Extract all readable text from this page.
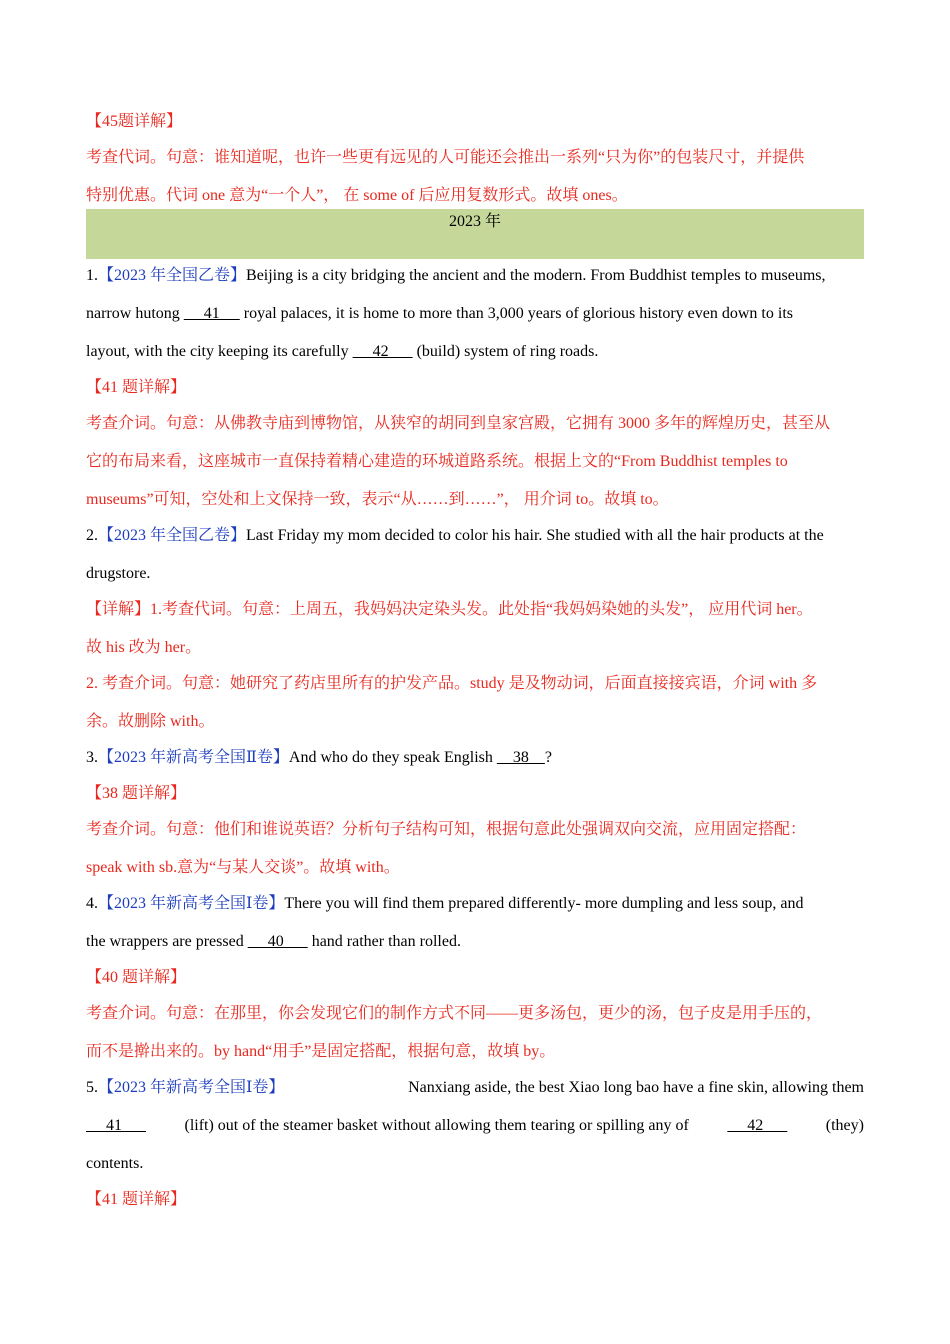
【45题详解】
考查代词。句意：谁知道呢，也许一些更有远见的人可能还会推出一系列“只为你”的包装尺寸，并提供
特别优惠。代词 one 意为“一个人”， 在 some of 后应用复数形式。故填 ones。
2023 年
1.【2023 年全国乙卷】Beijing is a city bridging the ancient and the modern. From Buddhist temples to museums,
narrow hutong      41      royal palaces, it is home to more than 3,000 years of glorious history even down to its
layout, with the city keeping its carefully      42       (build) system of ring roads.
【41 题详解】
考查介词。句意：从佛教寺庙到博物馆，从狭窄的胡同到皇家宫殿，它拥有 3000 多年的辉煌历史，甚至从
它的布局来看，这座城市一直保持着精心建造的环城道路系统。根据上文的“From Buddhist temples to
museums”可知，空处和上文保持一致，表示“从……到……”， 用介词 to。故填 to。
2.【2023 年全国乙卷】Last Friday my mom decided to color his hair. She studied with all the hair products at the
drugstore.
【详解】1.考查代词。句意：上周五，我妈妈决定染头发。此处指“我妈妈染她的头发”， 应用代词 her。
故 his 改为 her。
2. 考查介词。句意：她研究了药店里所有的护发产品。study 是及物动词，后面直接接宾语，介词 with 多
余。故删除 with。
3.【2023 年新高考全国Ⅱ卷】And who do they speak English     38    ?
【38 题详解】
考查介词。句意：他们和谁说英语？分析句子结构可知，根据句意此处强调双向交流，应用固定搭配：
speak with sb.意为“与某人交谈”。故填 with。
4.【2023 年新高考全国Ⅰ卷】There you will find them prepared differently- more dumpling and less soup, and
the wrappers are pressed      40       hand rather than rolled.
【40 题详解】
考查介词。句意：在那里，你会发现它们的制作方式不同——更多汤包，更少的汤，包子皮是用手压的，
而不是擀出来的。by hand“用手”是固定搭配，根据句意，故填 by。
5.【2023 年新高考全国Ⅰ卷】	Nanxiang aside, the best Xiao long bao have a fine skin, allowing them
41 (lift) out of the steamer basket without allowing them tearing or spilling any of 42 (they)
contents.
【41 题详解】
